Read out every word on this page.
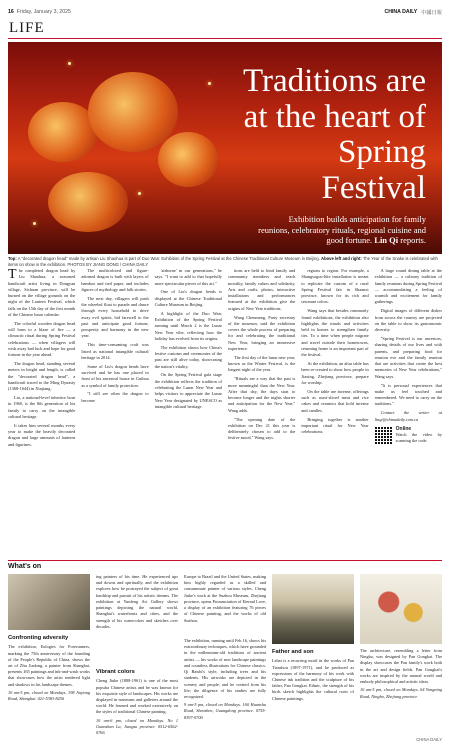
16 Friday, January 3, 2025	CHINA DAILY 中國日報
LIFE
Traditions are at the heart of Spring Festival
Exhibition builds anticipation for family reunions, celebratory rituals, regional cuisine and good fortune. Lin Qi reports.
Top: A "decorated dragon head" made by artisan Liu Shaohua is part of Duo Wan: Exhibition of the Spring Festival at the Chinese Traditional Culture Museum in Beijing. Above left and right: The Year of the Snake is celebrated with items on show in the exhibition. PHOTOS BY JIANG DONG / CHINA DAILY

The completed dragon head by Liu Shaohua, a seasoned handicraft artist living in Dongyan village, Sichuan province, will be burned on the village grounds on the night of the Lantern Festival, which falls on the 15th day of the first month of the Chinese lunar calendar.

The colorful wooden dragon head will burn to a blaze of fire — a climactic ritual during Spring Festival celebrations — when villagers will wish away bad luck and hope for good fortune in the year ahead.

The dragon head, standing several meters in height and length, is called the "decorated dragon head", a handicraft traced to the Ming Dynasty (1368-1644) in Xinjiang.

Liu, a national-level inheritor born in 1960, is the 8th generation of his family to carry on the intangible cultural heritage.

It takes him several months every year to make the heavily decorated dragon and large amounts of lanterns and figurines.

The multicolored and figure-adorned dragon is built with layers of bamboo and tied paper, and includes figures of mythology and folk stories.

The next day, villagers will push the wheeled float to parade and dance through every household to drive away evil spirits, bid farewell to the past and anticipate good fortune, prosperity and harmony in the new year.

This time-consuming craft was listed as national intangible cultural heritage in 2014.

Some of Liu's dragon heads have survived and he has one placed in front of his ancestral house in Guihua as a symbol of family protection.

"I still see often the dragon to become

'airborne' in our generations," he says. "I want to add to that hopefully more spectacular pieces of this art."

One of Liu's dragon heads is displayed at the Chinese Traditional Culture Museum in Beijing.

A highlight of the Duo Wan: Exhibition of the Spring Festival running until March 2 is the Lunar New Year vibe, reflecting how the holiday has evolved from its origins.

The exhibition shows how China's festive customs and ceremonies of the past are still alive today, showcasing the nation's vitality.

On the Spring Festival gala stage the exhibition reflects the tradition of celebrating the Lunar New Year and helps visitors to appreciate the Lunar New Year designated by UNESCO as intangible cultural heritage.

tions are held to bind family and community members and teach morality, family values and solidarity, Arts and crafts, photos, interactive installations and performances featured at the exhibition give the origins of New Year traditions.

Wang Chenmeng, Party secretary of the museum, said the exhibition covers the whole process of preparing for and celebrating the traditional New Year, bringing an immersive experience.

The first day of the lunar new year, known as the Winter Festival, is the longest night of the year.

"Rituals are a way that the past is more meaningful than the New Year. After that day, the days start to become longer and the nights shorter and anticipation for the New Year," Wang adds.

"The opening date of the exhibition on Dec 21 this year is deliberately chosen to add to the festive mood," Wang says.

regions to region. For example, a Shangsogou-like installation is meant to replicate the custom of a rural Spring Festival fair in Shaanxi province, known for its rich and resonant colors.

Wang says that besides commonly found exhibitions, the exhibition also highlights the rituals and activities held in homes to strengthen family ties. To a time when people migrate and travel outside their hometowns, returning home is an important part of the festival.

At the exhibition, an altar table has been re-created to show how people in Jiaxing, Zhejiang province, prepare for worship.

On the table are incense, offerings such as roast-sliced meat and rice cakes and ceramics that hold incense and candles.

Bringing together is another important ritual for New Year celebrations.

A large round dining table at the exhibition — a culinary tradition of family reunions during Spring Festival — accommodating a feeling of warmth and excitement for family gatherings.

Digital images of different dishes from across the country are projected on the table to show its gastronomic diversity.

"Spring Festival is our ancestors, sharing details of our lives and with parents, and preparing food for reunion eve and the family reunion that are activities that create the best memories of New Year celebrations," Wang says.

"It is personal experiences that make us feel touched and remembered. We need to carry on the traditions."

Contact the writer at linqi@chinadaily.com.cn

Online
Watch the video by scanning the code.
What's on
Confronting adversity

The exhibition, Eulogies for Forerunners, marking the 75th anniversary of the founding of the People's Republic of China, shows the art of Zhu Jiadong, a painter from Shanghai, presents 165 paintings and ink-and-wash works that showcases how the artist rendered light and shadows in his landscape themes.

10 am-5 pm, closed on Mondays. 198 Jinjiang Road, Shanghai. 021-5383-8256

ing painters of his time. He experienced ups and downs and spiritually, and the exhibition explores how he portrayed the subject of great hardship and pursuit of his artistic dreams. The exhibition at Yunfeng Art Gallery shows paintings depicting the natural world, Shanghai's waterfronts and cities, and the strength of his watercolors and sketches over decades.

Vibrant colors

Cheng Jiuke (1888-1961) is one of the most popular Chinese artists and he was known for his exquisite style of landscapes. His works are displayed in museums and galleries around the world. He learned and worked extensively on the styles of traditional Chinese painting.

10 am-6 pm, closed on Mondays. No 1 Guanshan Lu, Jiangsu province. 0512-6562-0766

Europe to Brazil and the United States, making him highly regarded as a skilled and consummate painter of various styles. Cheng Jiuke's work at the Suzhou Museum, Zhejiang province, opens Pronunciation of Eternal Love, a display of an exhibition featuring 76 pieces of Chinese painting, and the works of old Suzhou.

The exhibition, running until Feb 16, shows his extraordinary techniques, which have grounded in the millennium-old traditions of ancient artists — his works of new landscape paintings and countless illustrations for Chinese classics. Qi Baishi's style, including trees and his students. His artworks are depicted in the scenery and people, and he created from his life; the diligence of his studies are fully recognized.

9 am-5 pm, closed on Mondays. 160 Huanshu Road, Shenzhen, Guangdong province. 0755-8397-0700

Father and son

Lehai is a recurring motif in the works of Pan Tianshou (1897-1971), and he produced as expressions of the harmony of his work with Chinese ink tradition and the sculpture of his father, Pan Gongkai. Ethnic, the strength of his birds sketch highlights the cultural roots of Chinese paintings.

The architecture, resembling a letter from Ningbo, was designed by Pan Gongkai. The display showcases the Pan family's work both in the art and design fields. Pan Gongkai's works are inspired by the natural world and embody philosophical and artistic ideas.

10 am-5 pm, closed on Mondays. 64 Yongning Road, Ningbo, Zhejiang province

CHINA DAILY
